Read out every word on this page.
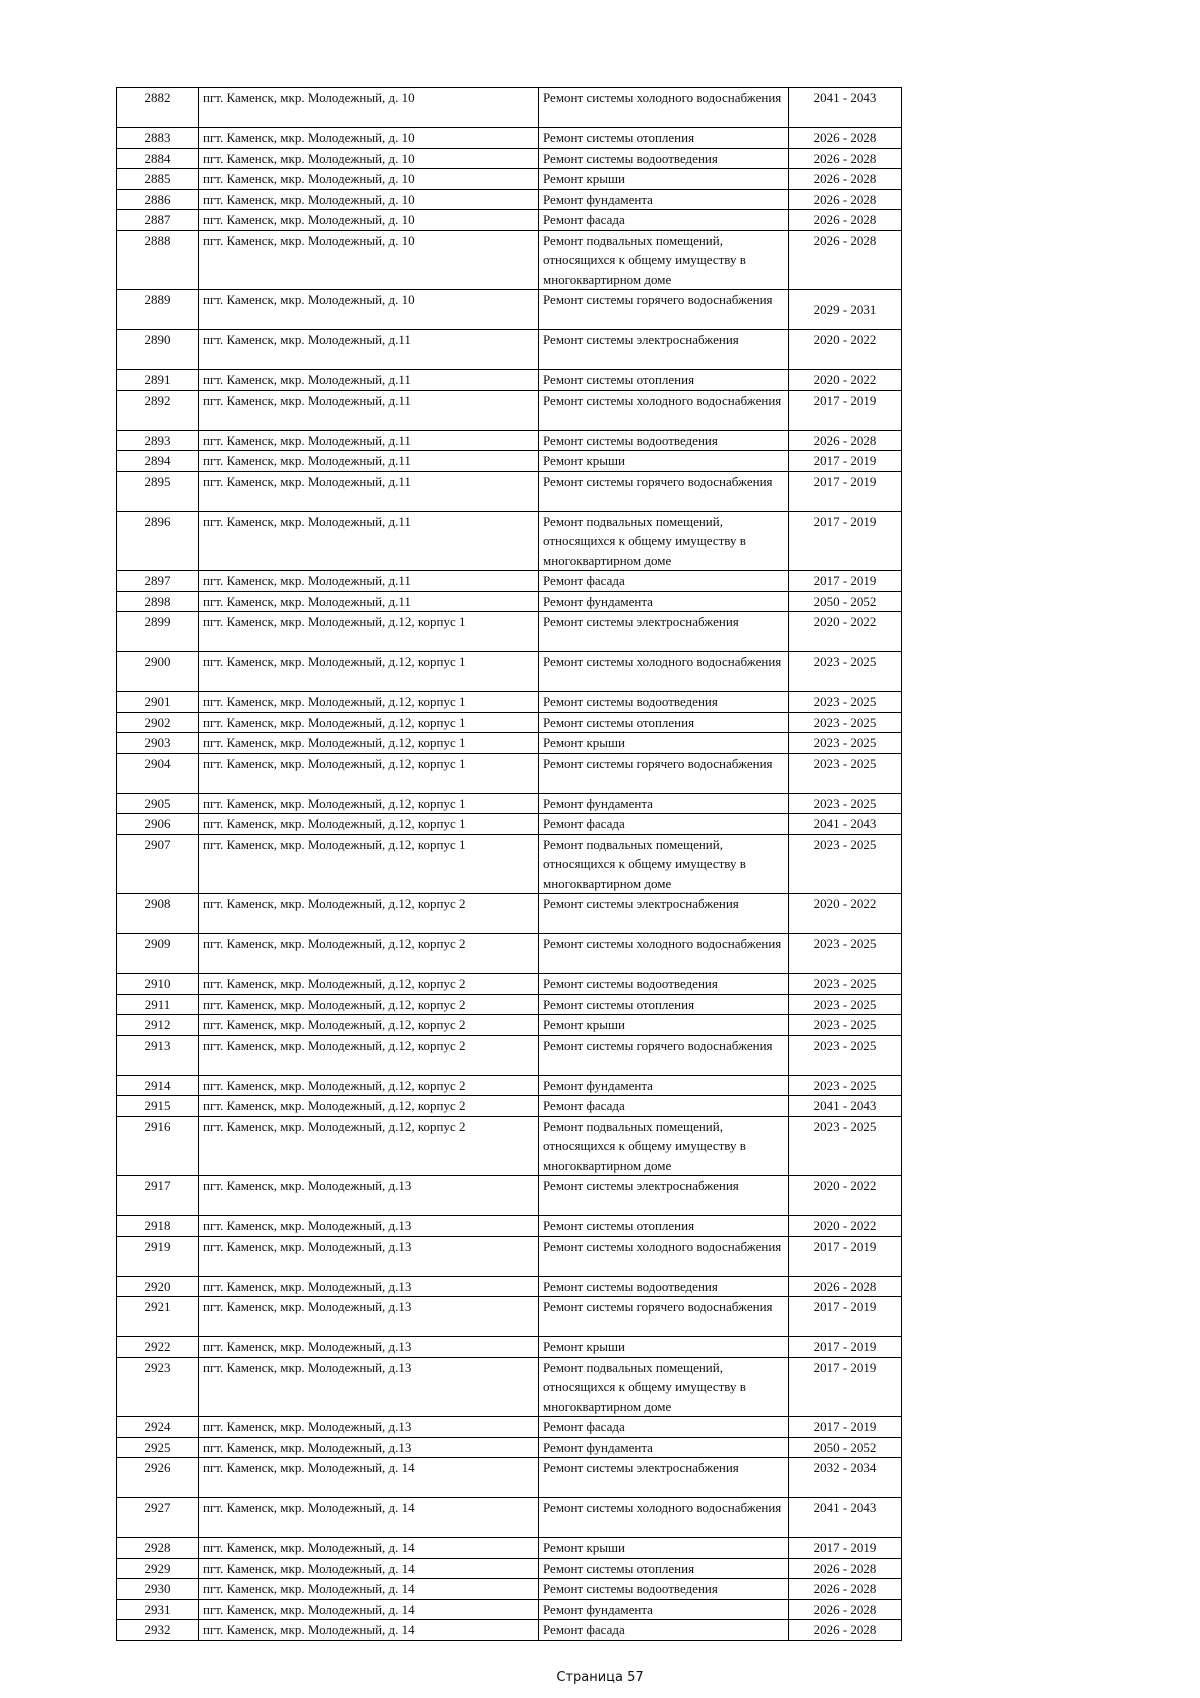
2882	пгт. Каменск, мкр. Молодежный, д. 10	Ремонт системы холодного водоснабжения	2041 - 2043
2883	пгт. Каменск, мкр. Молодежный, д. 10	Ремонт системы отопления	2026 - 2028
2884	пгт. Каменск, мкр. Молодежный, д. 10	Ремонт системы водоотведения	2026 - 2028
2885	пгт. Каменск, мкр. Молодежный, д. 10	Ремонт крыши	2026 - 2028
2886	пгт. Каменск, мкр. Молодежный, д. 10	Ремонт фундамента	2026 - 2028
2887	пгт. Каменск, мкр. Молодежный, д. 10	Ремонт фасада	2026 - 2028
2888	пгт. Каменск, мкр. Молодежный, д. 10	Ремонт подвальных помещений, относящихся к общему имуществу в многоквартирном доме	2026 - 2028
2889	пгт. Каменск, мкр. Молодежный, д. 10	Ремонт системы горячего водоснабжения	2029 - 2031
2890	пгт. Каменск, мкр. Молодежный, д.11	Ремонт системы электроснабжения	2020 - 2022
2891	пгт. Каменск, мкр. Молодежный, д.11	Ремонт системы отопления	2020 - 2022
2892	пгт. Каменск, мкр. Молодежный, д.11	Ремонт системы холодного водоснабжения	2017 - 2019
2893	пгт. Каменск, мкр. Молодежный, д.11	Ремонт системы водоотведения	2026 - 2028
2894	пгт. Каменск, мкр. Молодежный, д.11	Ремонт крыши	2017 - 2019
2895	пгт. Каменск, мкр. Молодежный, д.11	Ремонт системы горячего водоснабжения	2017 - 2019
2896	пгт. Каменск, мкр. Молодежный, д.11	Ремонт подвальных помещений, относящихся к общему имуществу в многоквартирном доме	2017 - 2019
2897	пгт. Каменск, мкр. Молодежный, д.11	Ремонт фасада	2017 - 2019
2898	пгт. Каменск, мкр. Молодежный, д.11	Ремонт фундамента	2050 - 2052
2899	пгт. Каменск, мкр. Молодежный, д.12, корпус 1	Ремонт системы электроснабжения	2020 - 2022
2900	пгт. Каменск, мкр. Молодежный, д.12, корпус 1	Ремонт системы холодного водоснабжения	2023 - 2025
2901	пгт. Каменск, мкр. Молодежный, д.12, корпус 1	Ремонт системы водоотведения	2023 - 2025
2902	пгт. Каменск, мкр. Молодежный, д.12, корпус 1	Ремонт системы отопления	2023 - 2025
2903	пгт. Каменск, мкр. Молодежный, д.12, корпус 1	Ремонт крыши	2023 - 2025
2904	пгт. Каменск, мкр. Молодежный, д.12, корпус 1	Ремонт системы горячего водоснабжения	2023 - 2025
2905	пгт. Каменск, мкр. Молодежный, д.12, корпус 1	Ремонт фундамента	2023 - 2025
2906	пгт. Каменск, мкр. Молодежный, д.12, корпус 1	Ремонт фасада	2041 - 2043
2907	пгт. Каменск, мкр. Молодежный, д.12, корпус 1	Ремонт подвальных помещений, относящихся к общему имуществу в многоквартирном доме	2023 - 2025
2908	пгт. Каменск, мкр. Молодежный, д.12, корпус 2	Ремонт системы электроснабжения	2020 - 2022
2909	пгт. Каменск, мкр. Молодежный, д.12, корпус 2	Ремонт системы холодного водоснабжения	2023 - 2025
2910	пгт. Каменск, мкр. Молодежный, д.12, корпус 2	Ремонт системы водоотведения	2023 - 2025
2911	пгт. Каменск, мкр. Молодежный, д.12, корпус 2	Ремонт системы отопления	2023 - 2025
2912	пгт. Каменск, мкр. Молодежный, д.12, корпус 2	Ремонт крыши	2023 - 2025
2913	пгт. Каменск, мкр. Молодежный, д.12, корпус 2	Ремонт системы горячего водоснабжения	2023 - 2025
2914	пгт. Каменск, мкр. Молодежный, д.12, корпус 2	Ремонт фундамента	2023 - 2025
2915	пгт. Каменск, мкр. Молодежный, д.12, корпус 2	Ремонт фасада	2041 - 2043
2916	пгт. Каменск, мкр. Молодежный, д.12, корпус 2	Ремонт подвальных помещений, относящихся к общему имуществу в многоквартирном доме	2023 - 2025
2917	пгт. Каменск, мкр. Молодежный, д.13	Ремонт системы электроснабжения	2020 - 2022
2918	пгт. Каменск, мкр. Молодежный, д.13	Ремонт системы отопления	2020 - 2022
2919	пгт. Каменск, мкр. Молодежный, д.13	Ремонт системы холодного водоснабжения	2017 - 2019
2920	пгт. Каменск, мкр. Молодежный, д.13	Ремонт системы водоотведения	2026 - 2028
2921	пгт. Каменск, мкр. Молодежный, д.13	Ремонт системы горячего водоснабжения	2017 - 2019
2922	пгт. Каменск, мкр. Молодежный, д.13	Ремонт крыши	2017 - 2019
2923	пгт. Каменск, мкр. Молодежный, д.13	Ремонт подвальных помещений, относящихся к общему имуществу в многоквартирном доме	2017 - 2019
2924	пгт. Каменск, мкр. Молодежный, д.13	Ремонт фасада	2017 - 2019
2925	пгт. Каменск, мкр. Молодежный, д.13	Ремонт фундамента	2050 - 2052
2926	пгт. Каменск, мкр. Молодежный, д. 14	Ремонт системы электроснабжения	2032 - 2034
2927	пгт. Каменск, мкр. Молодежный, д. 14	Ремонт системы холодного водоснабжения	2041 - 2043
2928	пгт. Каменск, мкр. Молодежный, д. 14	Ремонт крыши	2017 - 2019
2929	пгт. Каменск, мкр. Молодежный, д. 14	Ремонт системы отопления	2026 - 2028
2930	пгт. Каменск, мкр. Молодежный, д. 14	Ремонт системы водоотведения	2026 - 2028
2931	пгт. Каменск, мкр. Молодежный, д. 14	Ремонт фундамента	2026 - 2028
2932	пгт. Каменск, мкр. Молодежный, д. 14	Ремонт фасада	2026 - 2028
Страница 57
